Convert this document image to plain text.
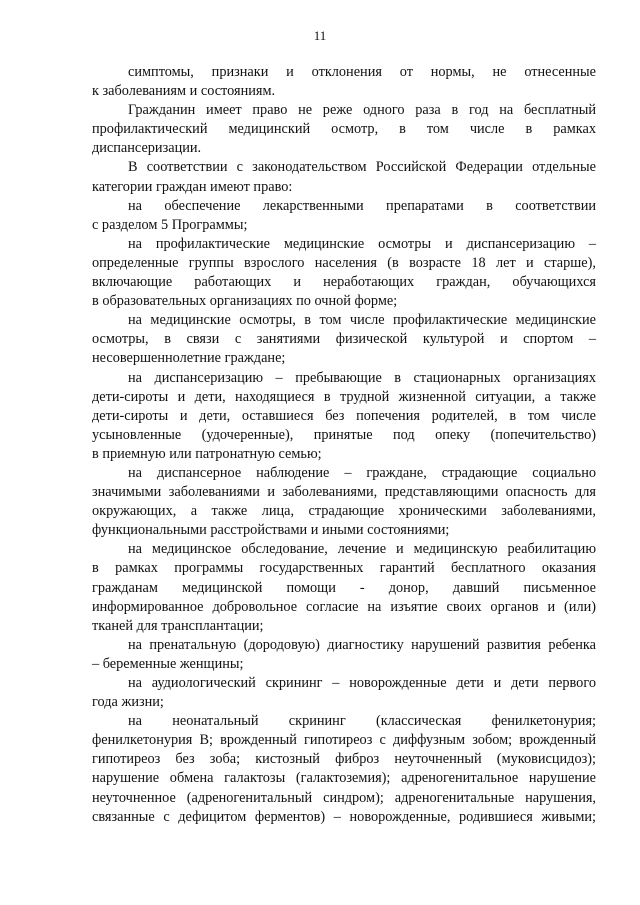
11
симптомы, признаки и отклонения от нормы, не отнесенные
к заболеваниям и состояниям.
Гражданин имеет право не реже одного раза в год на бесплатный
профилактический медицинский осмотр, в том числе в рамках
диспансеризации.
В соответствии с законодательством Российской Федерации отдельные
категории граждан имеют право:
на обеспечение лекарственными препаратами в соответствии
с разделом 5 Программы;
на профилактические медицинские осмотры и диспансеризацию –
определенные группы взрослого населения (в возрасте 18 лет и старше),
включающие работающих и неработающих граждан, обучающихся
в образовательных организациях по очной форме;
на медицинские осмотры, в том числе профилактические медицинские
осмотры, в связи с занятиями физической культурой и спортом –
несовершеннолетние граждане;
на диспансеризацию – пребывающие в стационарных организациях
дети-сироты и дети, находящиеся в трудной жизненной ситуации, а также
дети-сироты и дети, оставшиеся без попечения родителей, в том числе
усыновленные (удочеренные), принятые под опеку (попечительство)
в приемную или патронатную семью;
на диспансерное наблюдение – граждане, страдающие социально
значимыми заболеваниями и заболеваниями, представляющими опасность для
окружающих, а также лица, страдающие хроническими заболеваниями,
функциональными расстройствами и иными состояниями;
на медицинское обследование, лечение и медицинскую реабилитацию
в рамках программы государственных гарантий бесплатного оказания
гражданам медицинской помощи - донор, давший письменное
информированное добровольное согласие на изъятие своих органов и (или)
тканей для трансплантации;
на пренатальную (дородовую) диагностику нарушений развития ребенка
– беременные женщины;
на аудиологический скрининг – новорожденные дети и дети первого
года жизни;
на неонатальный скрининг (классическая фенилкетонурия;
фенилкетонурия B; врожденный гипотиреоз с диффузным зобом; врожденный
гипотиреоз без зоба; кистозный фиброз неуточненный (муковисцидоз);
нарушение обмена галактозы (галактоземия); адреногенитальное нарушение
неуточненное (адреногенитальный синдром); адреногенитальные нарушения,
связанные с дефицитом ферментов) – новорожденные, родившиеся живыми;
